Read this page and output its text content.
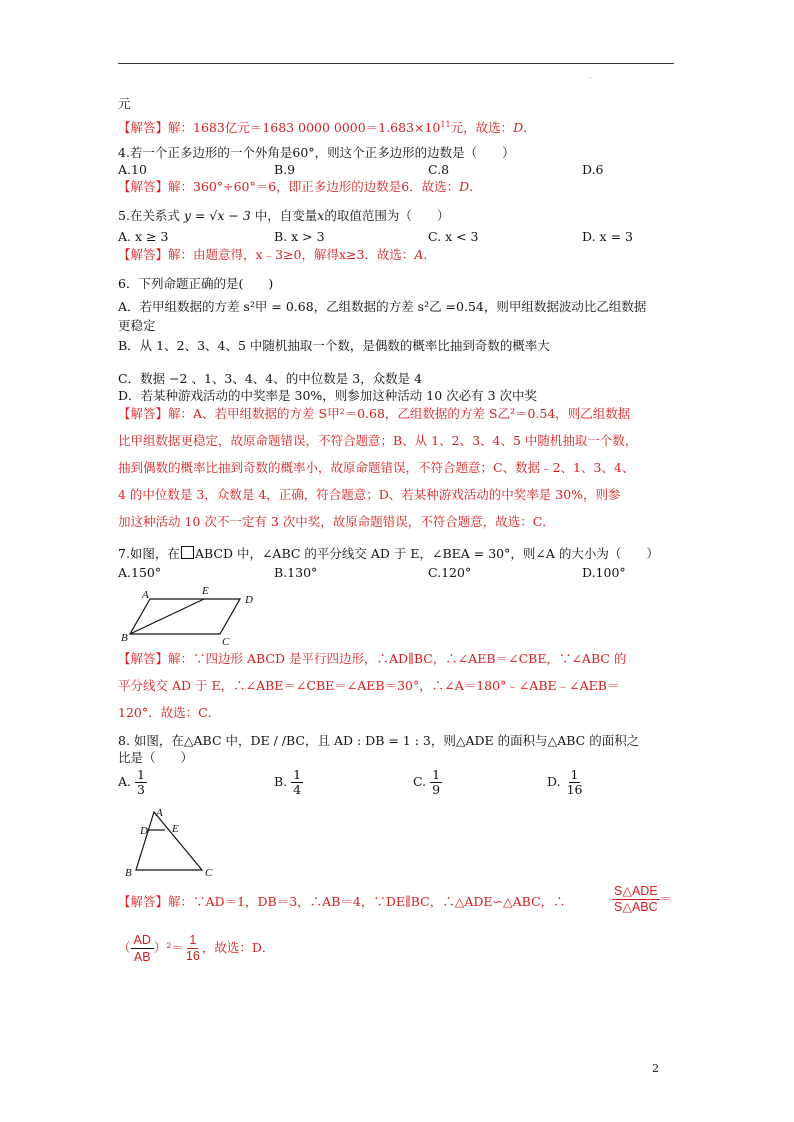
.
元
【解答】解：1683亿元＝1683 0000 $0000=1.683\times 10^{11}$元，故选：D．
4.若一个正多边形的一个外角是60°，则这个正多边形的边数是（　　）
A.10	B.9	C.8	D.6
【解答】解：360°÷60°＝6，即正多边形的边数是6．故选：D．
5.在关系式 y = √x − 3 中，自变量x的取值范围为（　　）
A. x ≥ 3	B. x > 3	C. x < 3	D. x = 3
【解答】解：由题意得，x﹣3≥0，解得x≥3．故选：A．
6．下列命题正确的是(　　)
A．若甲组数据的方差 s²甲 = 0.68，乙组数据的方差 s²乙 =0.54，则甲组数据波动比乙组数据
更稳定
B．从 1、2、3、4、5 中随机抽取一个数，是偶数的概率比抽到奇数的概率大
C．数据 −2 、1、3、4、4、的中位数是 3，众数是 4
D．若某种游戏活动的中奖率是 30%，则参加这种活动 10 次必有 3 次中奖
【解答】解：A、若甲组数据的方差 S甲²＝0.68，乙组数据的方差 S乙²＝0.54，则乙组数据
比甲组数据更稳定，故原命题错误，不符合题意；B、从 1、2、3、4、5 中随机抽取一个数，
抽到偶数的概率比抽到奇数的概率小，故原命题错误，不符合题意；C、数据﹣2、1、3、4、
4 的中位数是 3，众数是 4，正确，符合题意；D、若某种游戏活动的中奖率是 30%，则参
加这种活动 10 次不一定有 3 次中奖，故原命题错误，不符合题意，故选：C．
7.如图，在 ABCD 中，∠ABC 的平分线交 AD 于 E，∠BEA = 30°，则∠A 的大小为（　　）
A.150°	B.130°	C.120°	D.100°
A	E
D
B	C
【解答】解：∵四边形 ABCD 是平行四边形，∴AD∥BC，∴∠AEB＝∠CBE，∵∠ABC 的
平分线交 AD 于 E，∴∠ABE＝∠CBE＝∠AEB＝30°，∴∠A＝180°﹣∠ABE﹣∠AEB＝
120°．故选：C．
8. 如图，在△ABC 中，DE / /BC，且 AD : DB = 1 : 3，则△ADE 的面积与△ABC 的面积之
比是（　　）
A. $\frac{1}{3}$	B. $\frac{1}{4}$	C. $\frac{1}{9}$	D. $\frac{1}{16}$
A
D E
B	C
【解答】解：∵AD＝1，DB＝3，∴AB＝4，∵DE∥BC，∴△ADE∽△ABC，∴	$\frac{\text{S△ADE}}{\text{S△ABC}}$ ＝
（ $\frac{AD}{AB} )^2= \frac{1}{16}$ ，故选：D．
2
